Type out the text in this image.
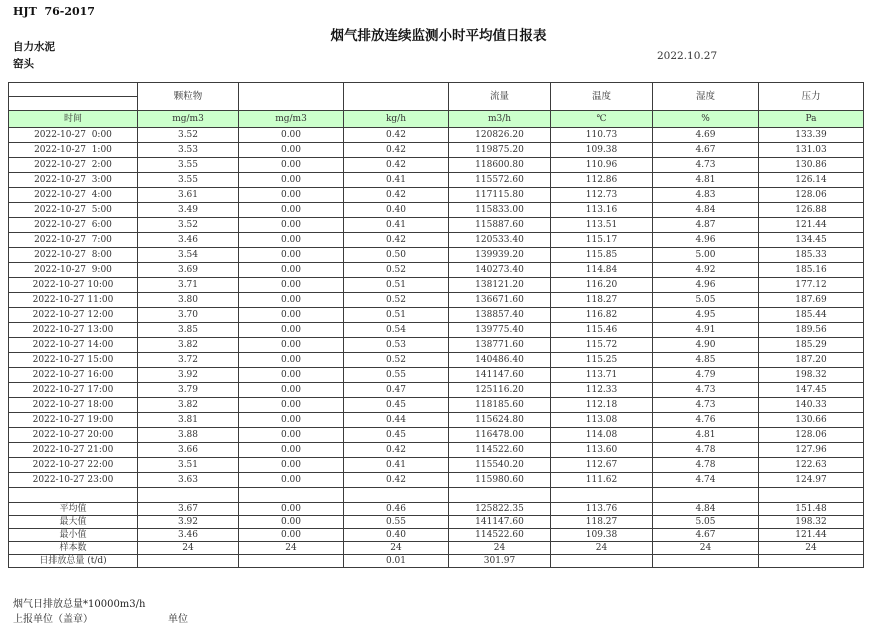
HJT  76-2017
烟气排放连续监测小时平均值日报表
自力水泥
窑头
2022.10.27
	颗粒物			流量	温度	湿度	压力
时间	mg/m3	mg/m3	kg/h	m3/h	℃	%	Pa
2022-10-27  0:00	3.52	0.00	0.42	120826.20	110.73	4.69	133.39
2022-10-27  1:00	3.53	0.00	0.42	119875.20	109.38	4.67	131.03
2022-10-27  2:00	3.55	0.00	0.42	118600.80	110.96	4.73	130.86
2022-10-27  3:00	3.55	0.00	0.41	115572.60	112.86	4.81	126.14
2022-10-27  4:00	3.61	0.00	0.42	117115.80	112.73	4.83	128.06
2022-10-27  5:00	3.49	0.00	0.40	115833.00	113.16	4.84	126.88
2022-10-27  6:00	3.52	0.00	0.41	115887.60	113.51	4.87	121.44
2022-10-27  7:00	3.46	0.00	0.42	120533.40	115.17	4.96	134.45
2022-10-27  8:00	3.54	0.00	0.50	139939.20	115.85	5.00	185.33
2022-10-27  9:00	3.69	0.00	0.52	140273.40	114.84	4.92	185.16
2022-10-27 10:00	3.71	0.00	0.51	138121.20	116.20	4.96	177.12
2022-10-27 11:00	3.80	0.00	0.52	136671.60	118.27	5.05	187.69
2022-10-27 12:00	3.70	0.00	0.51	138857.40	116.82	4.95	185.44
2022-10-27 13:00	3.85	0.00	0.54	139775.40	115.46	4.91	189.56
2022-10-27 14:00	3.82	0.00	0.53	138771.60	115.72	4.90	185.29
2022-10-27 15:00	3.72	0.00	0.52	140486.40	115.25	4.85	187.20
2022-10-27 16:00	3.92	0.00	0.55	141147.60	113.71	4.79	198.32
2022-10-27 17:00	3.79	0.00	0.47	125116.20	112.33	4.73	147.45
2022-10-27 18:00	3.82	0.00	0.45	118185.60	112.18	4.73	140.33
2022-10-27 19:00	3.81	0.00	0.44	115624.80	113.08	4.76	130.66
2022-10-27 20:00	3.88	0.00	0.45	116478.00	114.08	4.81	128.06
2022-10-27 21:00	3.66	0.00	0.42	114522.60	113.60	4.78	127.96
2022-10-27 22:00	3.51	0.00	0.41	115540.20	112.67	4.78	122.63
2022-10-27 23:00	3.63	0.00	0.42	115980.60	111.62	4.74	124.97

平均值	3.67	0.00	0.46	125822.35	113.76	4.84	151.48
最大值	3.92	0.00	0.55	141147.60	118.27	5.05	198.32
最小值	3.46	0.00	0.40	114522.60	109.38	4.67	121.44
样本数	24	24	24	24	24	24	24
日排放总量 (t/d)			0.01	301.97			
烟气日排放总量*10000m3/h
上报单位（盖章）	单位
